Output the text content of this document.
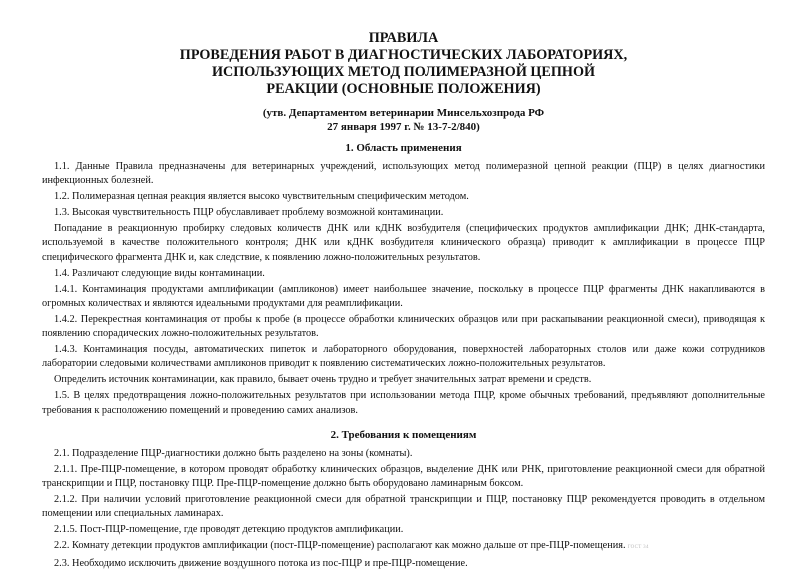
ПРАВИЛА
ПРОВЕДЕНИЯ РАБОТ В ДИАГНОСТИЧЕСКИХ ЛАБОРАТОРИЯХ,
ИСПОЛЬЗУЮЩИХ МЕТОД ПОЛИМЕРАЗНОЙ ЦЕПНОЙ
РЕАКЦИИ (ОСНОВНЫЕ ПОЛОЖЕНИЯ)
(утв. Департаментом ветеринарии Минсельхозпрода РФ
27 января 1997 г. № 13-7-2/840)
1. Область применения

1.1. Данные Правила предназначены для ветеринарных учреждений, использующих метод полимеразной цепной реакции (ПЦР) в целях диагностики инфекционных болезней.

1.2. Полимеразная цепная реакция является высоко чувствительным специфическим методом.

1.3. Высокая чувствительность ПЦР обуславливает проблему возможной контаминации.

Попадание в реакционную пробирку следовых количеств ДНК или кДНК возбудителя (специфических продуктов амплификации ДНК; ДНК-стандарта, используемой в качестве положительного контроля; ДНК или кДНК возбудителя клинического образца) приводит к амплификации в процессе ПЦР специфического фрагмента ДНК и, как следствие, к появлению ложно-положительных результатов.

1.4. Различают следующие виды контаминации.

1.4.1. Контаминация продуктами амплификации (ампликонов) имеет наибольшее значение, поскольку в процессе ПЦР фрагменты ДНК накапливаются в огромных количествах и являются идеальными продуктами для реамплификации.

1.4.2. Перекрестная контаминация от пробы к пробе (в процессе обработки клинических образцов или при раскапывании реакционной смеси), приводящая к появлению спорадических ложно-положительных результатов.

1.4.3. Контаминация посуды, автоматических пипеток и лабораторного оборудования, поверхностей лабораторных столов или даже кожи сотрудников лаборатории следовыми количествами ампликонов приводит к появлению систематических ложно-положительных результатов.

Определить источник контаминации, как правило, бывает очень трудно и требует значительных затрат времени и средств.

1.5. В целях предотвращения ложно-положительных результатов при использовании метода ПЦР, кроме обычных требований, предъявляют дополнительные требования к расположению помещений и проведению самих анализов.

2. Требования к помещениям

2.1. Подразделение ПЦР-диагностики должно быть разделено на зоны (комнаты).

2.1.1. Пре-ПЦР-помещение, в котором проводят обработку клинических образцов, выделение ДНК или РНК, приготовление реакционной смеси для обратной транскрипции и ПЦР, постановку ПЦР. Пре-ПЦР-помещение должно быть оборудовано ламинарным боксом.

2.1.2. При наличии условий приготовление реакционной смеси для обратной транскрипции и ПЦР, постановку ПЦР рекомендуется проводить в отдельном помещении или специальных ламинарах.

2.1.5. Пост-ПЦР-помещение, где проводят детекцию продуктов амплификации.

2.2. Комнату детекции продуктов амплификации (пост-ПЦР-помещение) располагают как можно дальше от пре-ПЦР-помещения. ГОСТ 34

2.3. Необходимо исключить движение воздушного потока из пос-ПЦР и пре-ПЦР-помещение.
